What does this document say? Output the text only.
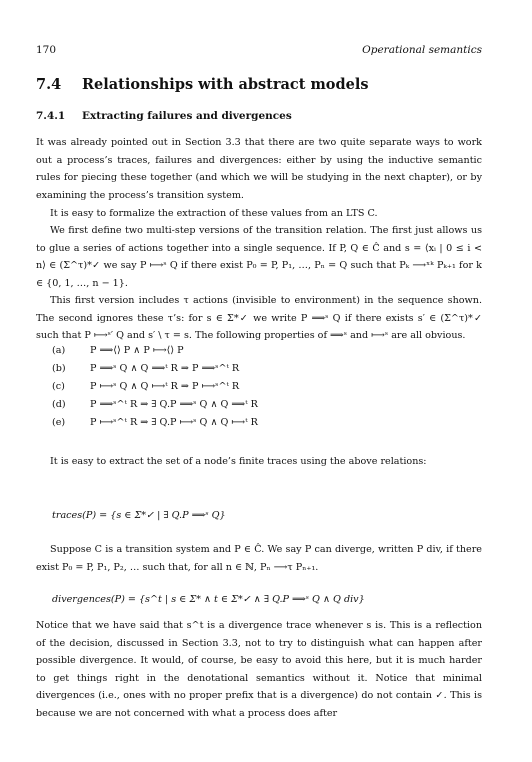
170	Operational semantics
7.4 Relationships with abstract models
7.4.1 Extracting failures and divergences

It was already pointed out in Section 3.3 that there are two quite separate ways to work out a process’s traces, failures and divergences: either by using the inductive semantic rules for piecing these together (and which we will be studying in the next chapter), or by examining the process’s transition system.

It is easy to formalize the extraction of these values from an LTS C.

We first define two multi-step versions of the transition relation. The first just allows us to glue a series of actions together into a single sequence. If P, Q ∈ Ĉ and s = ⟨xᵢ | 0 ≤ i < n⟩ ∈ (Σ^τ)*✓ we say P ⟼ˢ Q if there exist P₀ = P, P₁, …, Pₙ = Q such that Pₖ ⟶ˣᵏ Pₖ₊₁ for k ∈ {0, 1, …, n − 1}.

This first version includes τ actions (invisible to environment) in the sequence shown. The second ignores these τ’s: for s ∈ Σ*✓ we write P ⟹ˢ Q if there exists s′ ∈ (Σ^τ)*✓ such that P ⟼ˢ′ Q and s′ \ τ = s. The following properties of ⟹ˢ and ⟼ˢ are all obvious.

(a)	P ⟹⟨⟩ P ∧ P ⟼⟨⟩ P
(b)	P ⟹ˢ Q ∧ Q ⟹ᵗ R ⇒ P ⟹ˢ^ᵗ R
(c)	P ⟼ˢ Q ∧ Q ⟼ᵗ R ⇒ P ⟼ˢ^ᵗ R
(d)	P ⟹ˢ^ᵗ R ⇒ ∃ Q.P ⟹ˢ Q ∧ Q ⟹ᵗ R
(e)	P ⟼ˢ^ᵗ R ⇒ ∃ Q.P ⟼ˢ Q ∧ Q ⟼ᵗ R

It is easy to extract the set of a node’s finite traces using the above relations:

traces(P) = {s ∈ Σ*✓ | ∃ Q.P ⟹ˢ Q}

Suppose C is a transition system and P ∈ Ĉ. We say P can diverge, written P div, if there exist P₀ = P, P₁, P₂, … such that, for all n ∈ ℕ, Pₙ ⟶τ Pₙ₊₁.

divergences(P) = {s^t | s ∈ Σ* ∧ t ∈ Σ*✓ ∧ ∃ Q.P ⟹ˢ Q ∧ Q div}

Notice that we have said that s^t is a divergence trace whenever s is. This is a reflection of the decision, discussed in Section 3.3, not to try to distinguish what can happen after possible divergence. It would, of course, be easy to avoid this here, but it is much harder to get things right in the denotational semantics without it. Notice that minimal divergences (i.e., ones with no proper prefix that is a divergence) do not contain ✓. This is because we are not concerned with what a process does after
